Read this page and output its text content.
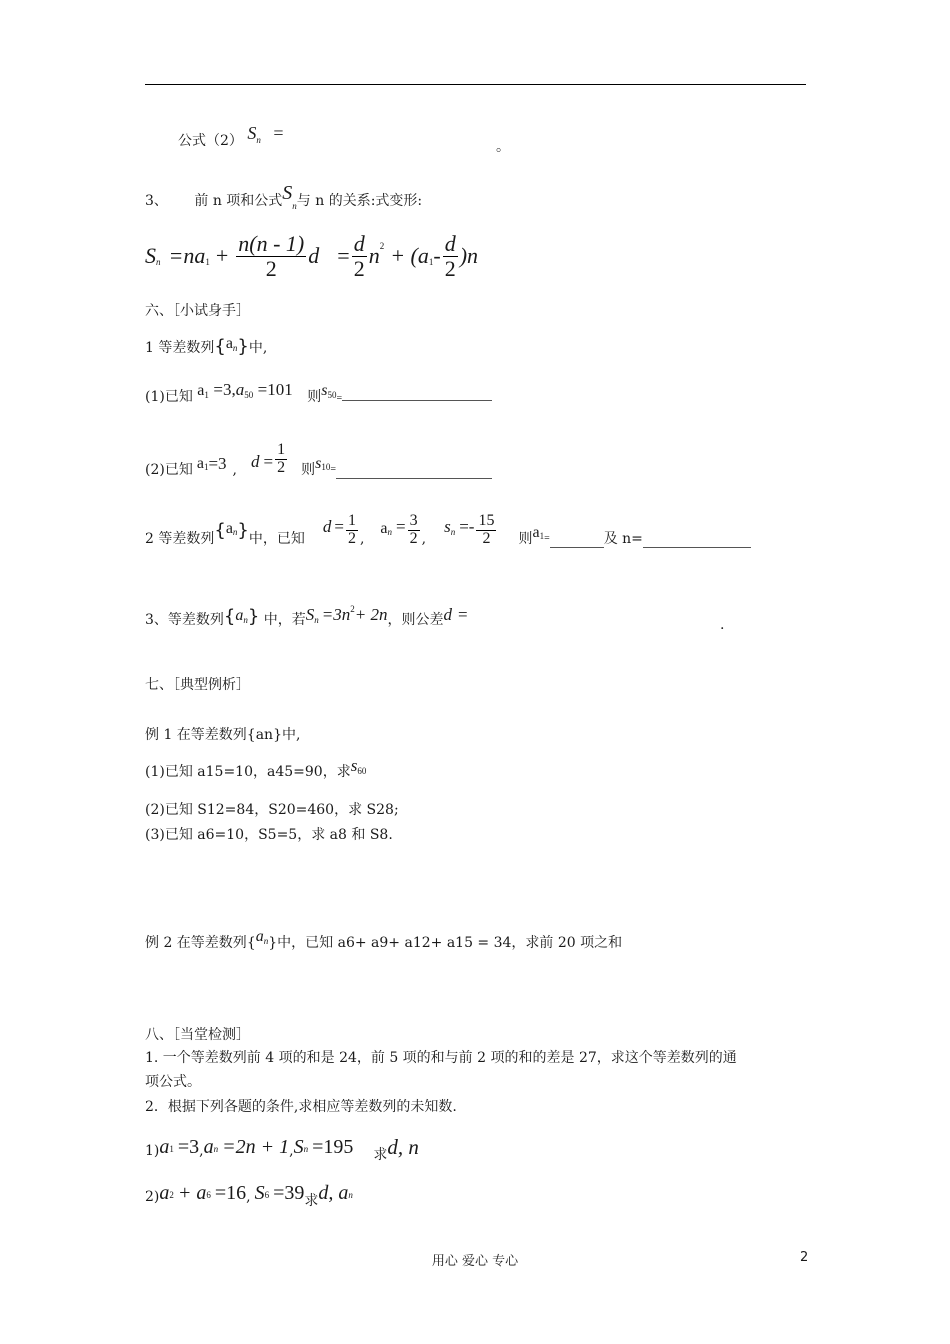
公式（2） Sn =
。
3、 前 n 项和公式$S_n$与 n 的关系:式变形:
S n =na $1 + \frac{n(n - 1)}{2}$ $d = \frac{d}{2}$ n 2 + (a $1 - \frac{d}{2} )n$
六、［小试身手］
1 等差数列{an}中,
(1)已知 $a^1 =3,a^{50} =101$ 则$s^{50}=$
(2)已知 a 1 =3 , $d = \frac{1}{2}$ 则 s 10 =
2 等差数列 { a n } 中，已知
$d = \frac{1}{2}$ ,
a $n = \frac{3}{2}$ ,
s $n =- \frac{15}{2}$ 则 a 1 =	及 n=
3、等差数列{an} 中，若$Sn =3n^2+ 2n$，则公差d =
.
七、［典型例析］
例 1 在等差数列{an}中,
(1)已知 a15=10，a45=90，求s60
(2)已知 S12=84，S20=460，求 S28;
(3)已知 a6=10，S5=5，求 a8 和 S8.
例 2 在等差数列$\{a^n\}$中，已知 a6+ a9+ a12+ a15 = 34，求前 20 项之和
八、［当堂检测］
1. 一个等差数列前 4 项的和是 24，前 5 项的和与前 2 项的和的差是 27，求这个等差数列的通
项公式。
2．根据下列各题的条件,求相应等差数列的未知数.
1) a 1 =3 , a n =2n + 1 , S n =195 求 d, n
2) a 2 + a 6 =16 , S 6 =39 求 d, a n
用心 爱心 专心	2
